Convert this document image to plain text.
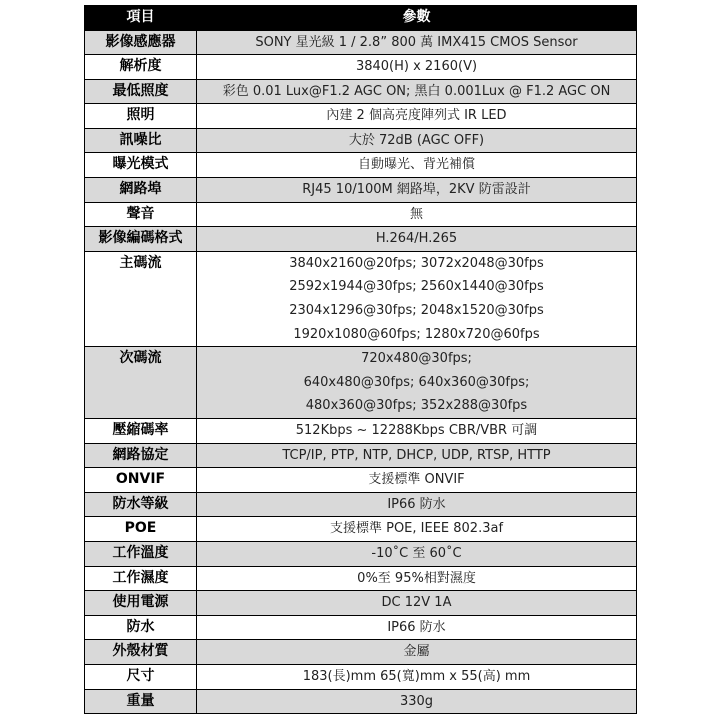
項目	參數
影像感應器	SONY 星光級 1 / 2.8” 800 萬 IMX415 CMOS Sensor

解析度	3840(H) x 2160(V)

最低照度	彩色 0.01 Lux@F1.2 AGC ON; 黑白 0.001Lux @ F1.2 AGC ON

照明	內建 2 個高亮度陣列式 IR LED

訊噪比	大於 72dB (AGC OFF)

曝光模式	自動曝光、背光補償

網路埠	RJ45 10/100M 網路埠，2KV 防雷設計

聲音	無

影像編碼格式	H.264/H.265

主碼流	3840x2160@20fps; 3072x2048@30fps
2592x1944@30fps; 2560x1440@30fps
2304x1296@30fps; 2048x1520@30fps
1920x1080@60fps; 1280x720@60fps

次碼流	720x480@30fps;
640x480@30fps; 640x360@30fps;
480x360@30fps; 352x288@30fps

壓縮碼率	512Kbps ~ 12288Kbps CBR/VBR 可調

網路協定	TCP/IP, PTP, NTP, DHCP, UDP, RTSP, HTTP

ONVIF	支援標準 ONVIF

防水等級	IP66 防水

POE	支援標準 POE, IEEE 802.3af

工作溫度	-10˚C 至 60˚C

工作濕度	0%至 95%相對濕度

使用電源	DC 12V 1A

防水	IP66 防水

外殼材質	金屬

尺寸	183(長)mm 65(寬)mm x 55(高) mm

重量	330g
